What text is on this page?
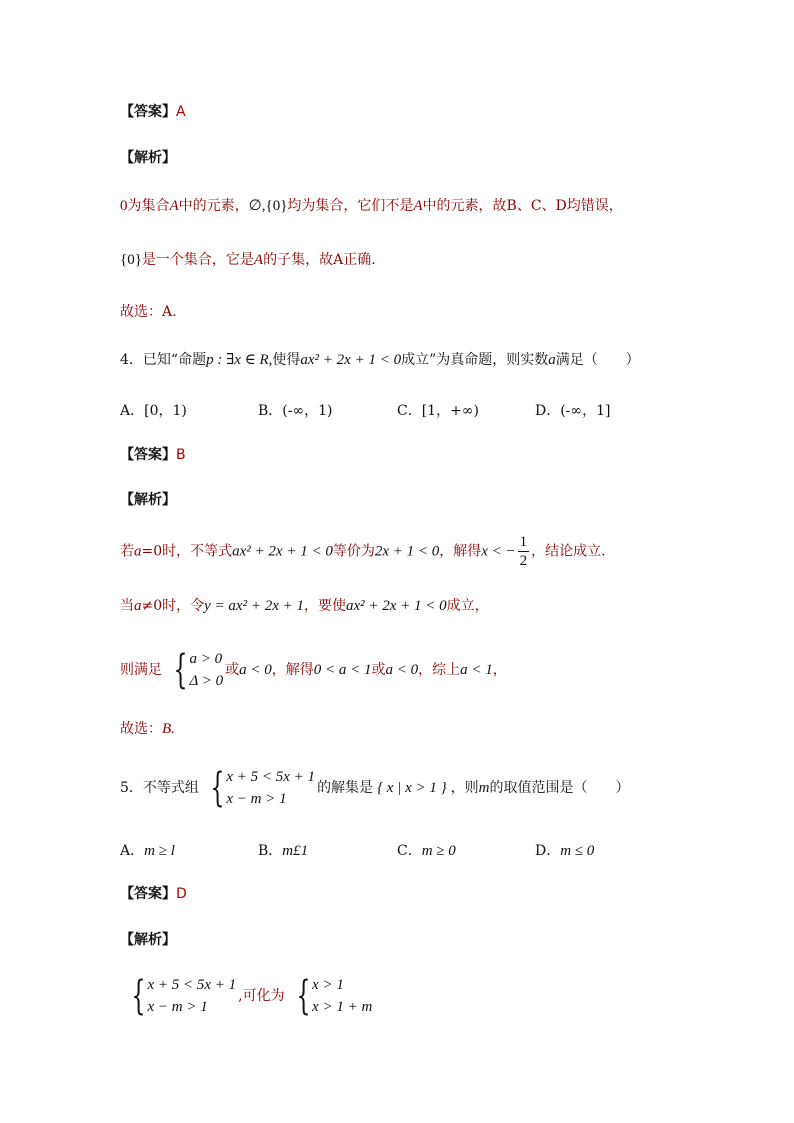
【答案】A
【解析】
0为集合A中的元素，∅,{0}均为集合，它们不是A中的元素，故B、C、D均错误，
{0}是一个集合，它是A的子集，故A正确.
故选：A.
4．已知“命题p : ∃x ∈ R,使得ax² + 2x + 1 < 0成立”为真命题，则实数a满足（　　）
A．[0，1)	B．(-∞，1)	C．[1，+∞)	D．(-∞，1]
【答案】B
【解析】
若a=0时，不等式ax² + 2x + 1 < 0等价为2x + 1 < 0，解得x < − $\frac{1}{2}$ ，结论成立.
当a≠0时，令y = ax² + 2x + 1，要使ax² + 2x + 1 < 0成立，
则满足 { a > 0
Δ > 0
或 a < 0 ，解得 0 < a < 1 或 a < 0 ，综上 a < 1 ，
故选：B.
5．不等式组 { x + 5 < 5x + 1
x − m > 1
的解集是 { x | x > 1 } ，则 m 的取值范围是（　　）
A．m ≥ l	B．m£1	C．m ≥ 0	D．m ≤ 0
【答案】D
【解析】
{ x + 5 < 5x + 1
x − m > 1
,可化为 { x > 1
x > 1 + m
